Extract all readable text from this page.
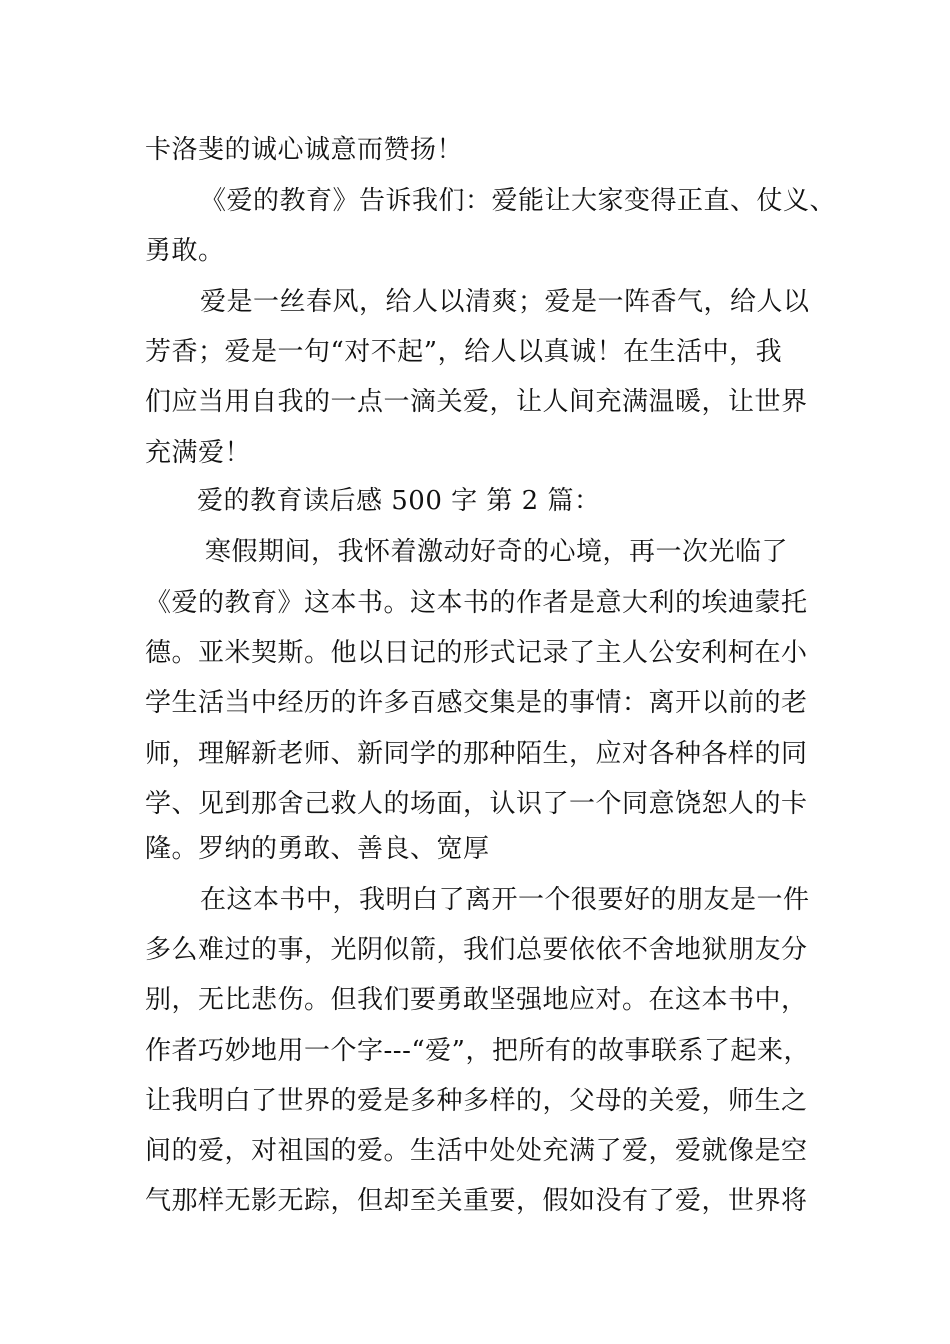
卡洛斐的诚心诚意而赞扬！
《爱的教育》告诉我们：爱能让大家变得正直、仗义、
勇敢。
爱是一丝春风，给人以清爽；爱是一阵香气，给人以
芳香；爱是一句“对不起”，给人以真诚！在生活中，我
们应当用自我的一点一滴关爱，让人间充满温暖，让世界
充满爱！
爱的教育读后感 500 字 第 2 篇：
寒假期间，我怀着激动好奇的心境，再一次光临了
《爱的教育》这本书。这本书的作者是意大利的埃迪蒙托
德。亚米契斯。他以日记的形式记录了主人公安利柯在小
学生活当中经历的许多百感交集是的事情：离开以前的老
师，理解新老师、新同学的那种陌生，应对各种各样的同
学、见到那舍己救人的场面，认识了一个同意饶恕人的卡
隆。罗纳的勇敢、善良、宽厚
在这本书中，我明白了离开一个很要好的朋友是一件
多么难过的事，光阴似箭，我们总要依依不舍地狱朋友分
别，无比悲伤。但我们要勇敢坚强地应对。在这本书中，
作者巧妙地用一个字---“爱”，把所有的故事联系了起来，
让我明白了世界的爱是多种多样的，父母的关爱，师生之
间的爱，对祖国的爱。生活中处处充满了爱，爱就像是空
气那样无影无踪，但却至关重要，假如没有了爱，世界将
